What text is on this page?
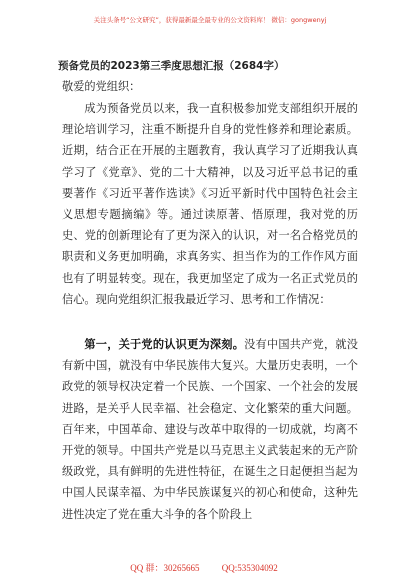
关注头条号“公文研究”，获得最新最全最专业的公文资料库！ 微信：gongwenyj
预备党员的2023第三季度思想汇报（2684字）
敬爱的党组织：

成为预备党员以来，我一直积极参加党支部组织开展的理论培训学习，注重不断提升自身的党性修养和理论素质。近期，结合正在开展的主题教育，我认真学习了近期我认真学习了《党章》、党的二十大精神，以及习近平总书记的重要著作《习近平著作选读》《习近平新时代中国特色社会主义思想专题摘编》等。通过读原著、悟原理，我对党的历史、党的创新理论有了更为深入的认识，对一名合格党员的职责和义务更加明确，求真务实、担当作为的工作作风方面也有了明显转变。现在，我更加坚定了成为一名正式党员的信心。现向党组织汇报我最近学习、思考和工作情况：

第一，关于党的认识更为深刻。没有中国共产党，就没有新中国，就没有中华民族伟大复兴。大量历史表明，一个政党的领导权决定着一个民族、一个国家、一个社会的发展进路，是关乎人民幸福、社会稳定、文化繁荣的重大问题。百年来，中国革命、建设与改革中取得的一切成就，均离不开党的领导。中国共产党是以马克思主义武装起来的无产阶级政党，具有鲜明的先进性特征，在诞生之日起便担当起为中国人民谋幸福、为中华民族谋复兴的初心和使命，这种先进性决定了党在重大斗争的各个阶段上

QQ 群：30265665 QQ:535304092
